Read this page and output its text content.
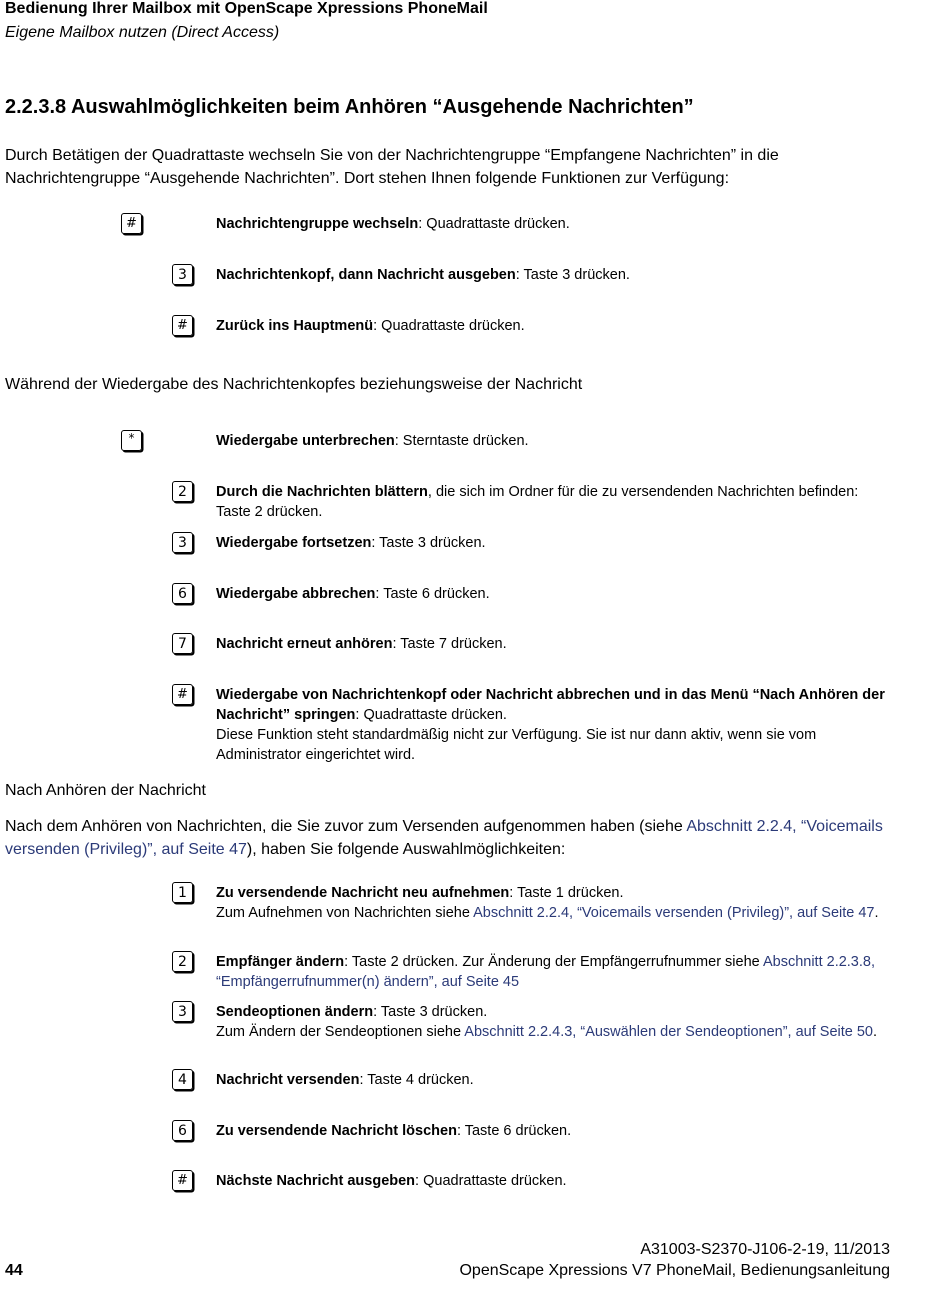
Bedienung Ihrer Mailbox mit OpenScape Xpressions PhoneMail
Eigene Mailbox nutzen (Direct Access)
2.2.3.8 Auswahlmöglichkeiten beim Anhören “Ausgehende Nachrichten”
Durch Betätigen der Quadrattaste wechseln Sie von der Nachrichtengruppe “Empfangene Nachrichten” in die
Nachrichtengruppe “Ausgehende Nachrichten”. Dort stehen Ihnen folgende Funktionen zur Verfügung:
#	Nachrichtengruppe wechseln: Quadrattaste drücken.
3	Nachrichtenkopf, dann Nachricht ausgeben: Taste 3 drücken.
#	Zurück ins Hauptmenü: Quadrattaste drücken.
Während der Wiedergabe des Nachrichtenkopfes beziehungsweise der Nachricht
*	Wiedergabe unterbrechen: Sterntaste drücken.
2	Durch die Nachrichten blättern, die sich im Ordner für die zu versendenden Nachrichten befinden: Taste 2 drücken.
3	Wiedergabe fortsetzen: Taste 3 drücken.
6	Wiedergabe abbrechen: Taste 6 drücken.
7	Nachricht erneut anhören: Taste 7 drücken.
#	Wiedergabe von Nachrichtenkopf oder Nachricht abbrechen und in das Menü “Nach Anhören der Nachricht” springen: Quadrattaste drücken.
Diese Funktion steht standardmäßig nicht zur Verfügung. Sie ist nur dann aktiv, wenn sie vom Administrator eingerichtet wird.
Nach Anhören der Nachricht
Nach dem Anhören von Nachrichten, die Sie zuvor zum Versenden aufgenommen haben (siehe Abschnitt 2.2.4, “Voicemails versenden (Privileg)”, auf Seite 47), haben Sie folgende Auswahlmöglichkeiten:
1	Zu versendende Nachricht neu aufnehmen: Taste 1 drücken.
Zum Aufnehmen von Nachrichten siehe Abschnitt 2.2.4, “Voicemails versenden (Privileg)”, auf Seite 47.
2	Empfänger ändern: Taste 2 drücken. Zur Änderung der Empfängerrufnummer siehe Abschnitt 2.2.3.8, “Empfängerrufnummer(n) ändern”, auf Seite 45
3	Sendeoptionen ändern: Taste 3 drücken.
Zum Ändern der Sendeoptionen siehe Abschnitt 2.2.4.3, “Auswählen der Sendeoptionen”, auf Seite 50.
4	Nachricht versenden: Taste 4 drücken.
6	Zu versendende Nachricht löschen: Taste 6 drücken.
#	Nächste Nachricht ausgeben: Quadrattaste drücken.
A31003-S2370-J106-2-19, 11/2013
OpenScape Xpressions V7 PhoneMail, Bedienungsanleitung
44
